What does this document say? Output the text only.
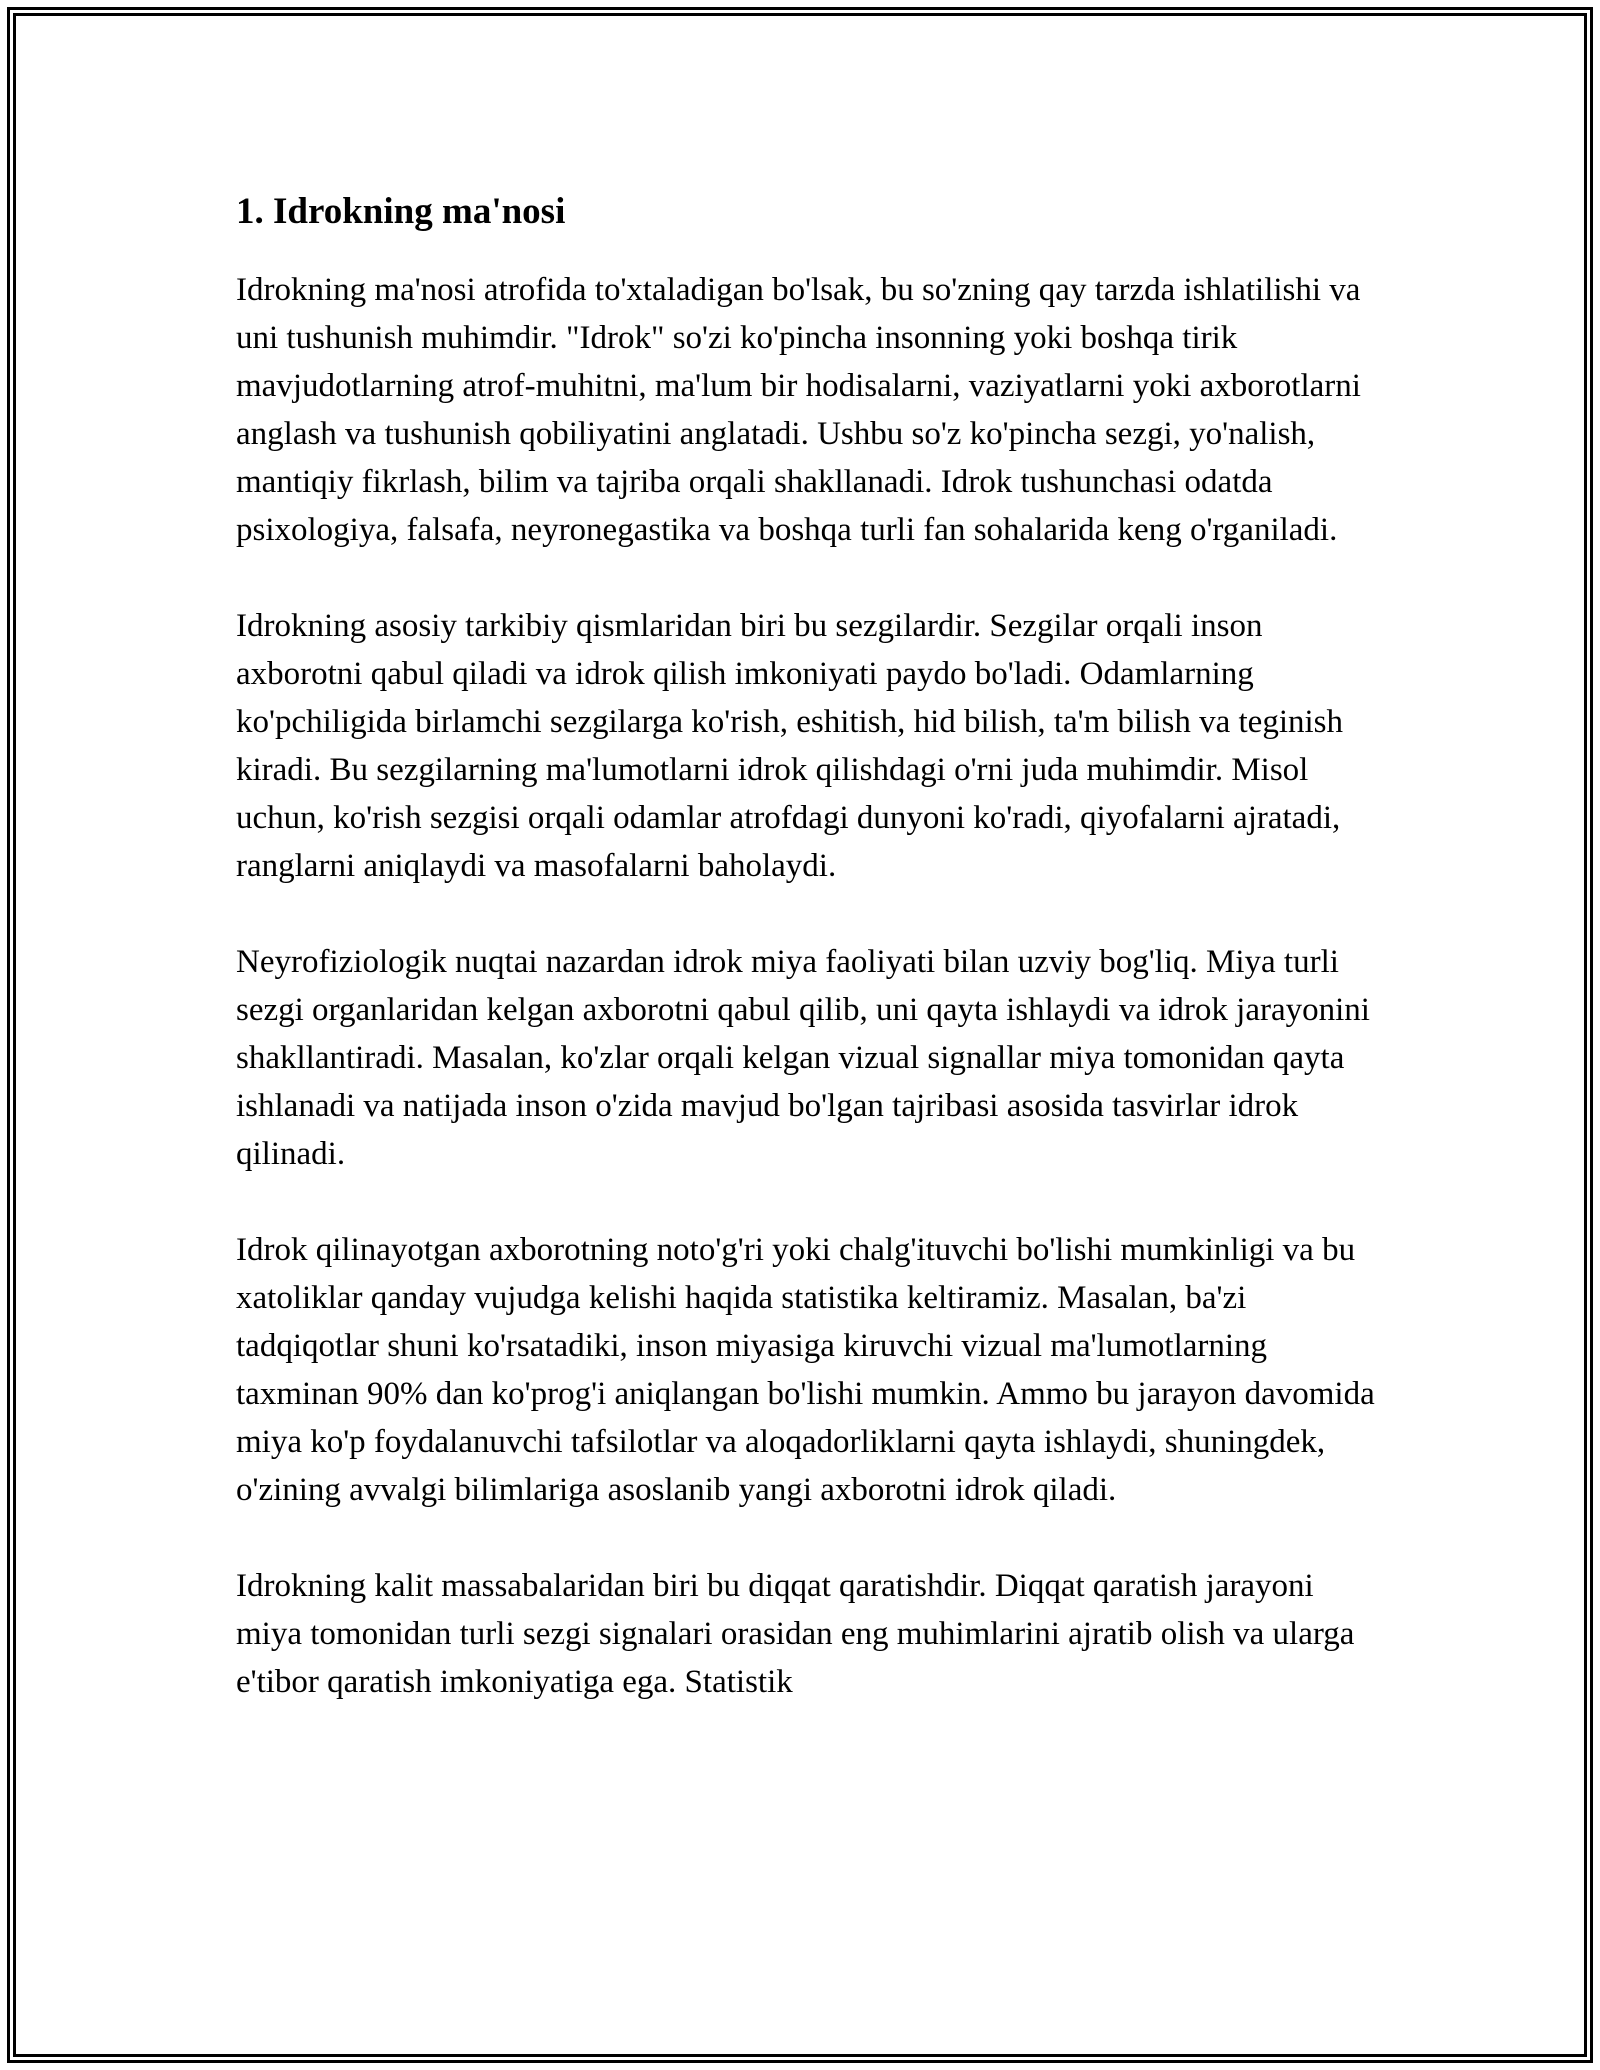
1. Idrokning ma'nosi

Idrokning ma'nosi atrofida to'xtaladigan bo'lsak, bu so'zning qay tarzda ishlatilishi va uni tushunish muhimdir. "Idrok" so'zi ko'pincha insonning yoki boshqa tirik mavjudotlarning atrof-muhitni, ma'lum bir hodisalarni, vaziyatlarni yoki axborotlarni anglash va tushunish qobiliyatini anglatadi. Ushbu so'z ko'pincha sezgi, yo'nalish, mantiqiy fikrlash, bilim va tajriba orqali shakllanadi. Idrok tushunchasi odatda psixologiya, falsafa, neyronegastika va boshqa turli fan sohalarida keng o'rganiladi.

Idrokning asosiy tarkibiy qismlaridan biri bu sezgilardir. Sezgilar orqali inson axborotni qabul qiladi va idrok qilish imkoniyati paydo bo'ladi. Odamlarning ko'pchiligida birlamchi sezgilarga ko'rish, eshitish, hid bilish, ta'm bilish va teginish kiradi. Bu sezgilarning ma'lumotlarni idrok qilishdagi o'rni juda muhimdir. Misol uchun, ko'rish sezgisi orqali odamlar atrofdagi dunyoni ko'radi, qiyofalarni ajratadi, ranglarni aniqlaydi va masofalarni baholaydi.

Neyrofiziologik nuqtai nazardan idrok miya faoliyati bilan uzviy bog'liq. Miya turli sezgi organlaridan kelgan axborotni qabul qilib, uni qayta ishlaydi va idrok jarayonini shakllantiradi. Masalan, ko'zlar orqali kelgan vizual signallar miya tomonidan qayta ishlanadi va natijada inson o'zida mavjud bo'lgan tajribasi asosida tasvirlar idrok qilinadi.

Idrok qilinayotgan axborotning noto'g'ri yoki chalg'ituvchi bo'lishi mumkinligi va bu xatoliklar qanday vujudga kelishi haqida statistika keltiramiz. Masalan, ba'zi tadqiqotlar shuni ko'rsatadiki, inson miyasiga kiruvchi vizual ma'lumotlarning taxminan 90% dan ko'prog'i aniqlangan bo'lishi mumkin. Ammo bu jarayon davomida miya ko'p foydalanuvchi tafsilotlar va aloqadorliklarni qayta ishlaydi, shuningdek, o'zining avvalgi bilimlariga asoslanib yangi axborotni idrok qiladi.

Idrokning kalit massabalaridan biri bu diqqat qaratishdir. Diqqat qaratish jarayoni miya tomonidan turli sezgi signalari orasidan eng muhimlarini ajratib olish va ularga e'tibor qaratish imkoniyatiga ega. Statistik
